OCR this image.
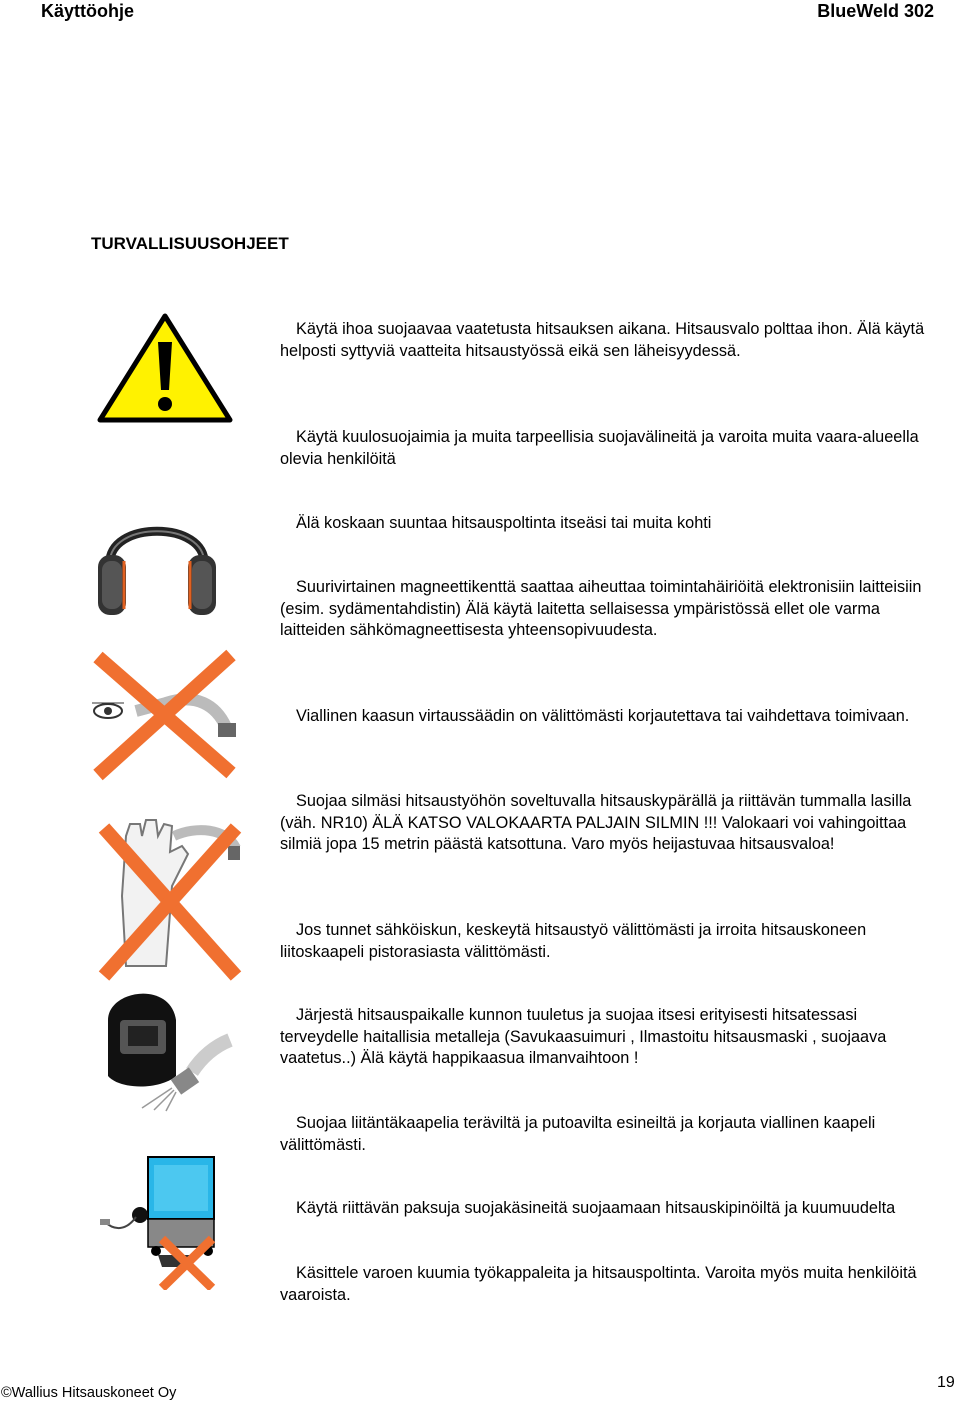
Käyttöohje	BlueWeld 302
TURVALLISUUSOHJEET
Käytä ihoa suojaavaa vaatetusta hitsauksen aikana. Hitsausvalo polttaa ihon. Älä käytä helposti syttyviä vaatteita hitsaustyössä eikä sen läheisyydessä.
Käytä kuulosuojaimia ja muita tarpeellisia suojavälineitä ja varoita muita vaara-alueella olevia henkilöitä
Älä koskaan suuntaa hitsauspoltinta itseäsi tai muita kohti
Suurivirtainen magneettikenttä saattaa aiheuttaa toimintahäiriöitä elektronisiin laitteisiin (esim. sydämentahdistin) Älä käytä laitetta sellaisessa ympäristössä ellet ole varma laitteiden sähkömagneettisesta yhteensopivuudesta.
Viallinen kaasun virtaussäädin on välittömästi korjautettava tai vaihdettava toimivaan.
Suojaa silmäsi hitsaustyöhön soveltuvalla hitsauskypärällä ja riittävän tummalla lasilla (väh. NR10) ÄLÄ KATSO VALOKAARTA PALJAIN SILMIN !!! Valokaari voi vahingoittaa silmiä jopa 15 metrin päästä katsottuna. Varo myös heijastuvaa hitsausvaloa!
Jos tunnet sähköiskun, keskeytä hitsaustyö välittömästi ja irroita hitsauskoneen liitoskaapeli pistorasiasta välittömästi.
Järjestä hitsauspaikalle kunnon tuuletus ja suojaa itsesi erityisesti hitsatessasi terveydelle haitallisia metalleja (Savukaasuimuri , Ilmastoitu hitsausmaski , suojaava vaatetus..) Älä käytä happikaasua ilmanvaihtoon !
Suojaa liitäntäkaapelia teräviltä ja putoavilta esineiltä ja korjauta viallinen kaapeli välittömästi.
Käytä riittävän paksuja suojakäsineitä suojaamaan hitsauskipinöiltä ja kuumuudelta
Käsittele varoen kuumia työkappaleita ja hitsauspoltinta. Varoita myös muita henkilöitä vaaroista.
©Wallius Hitsauskoneet Oy
19
